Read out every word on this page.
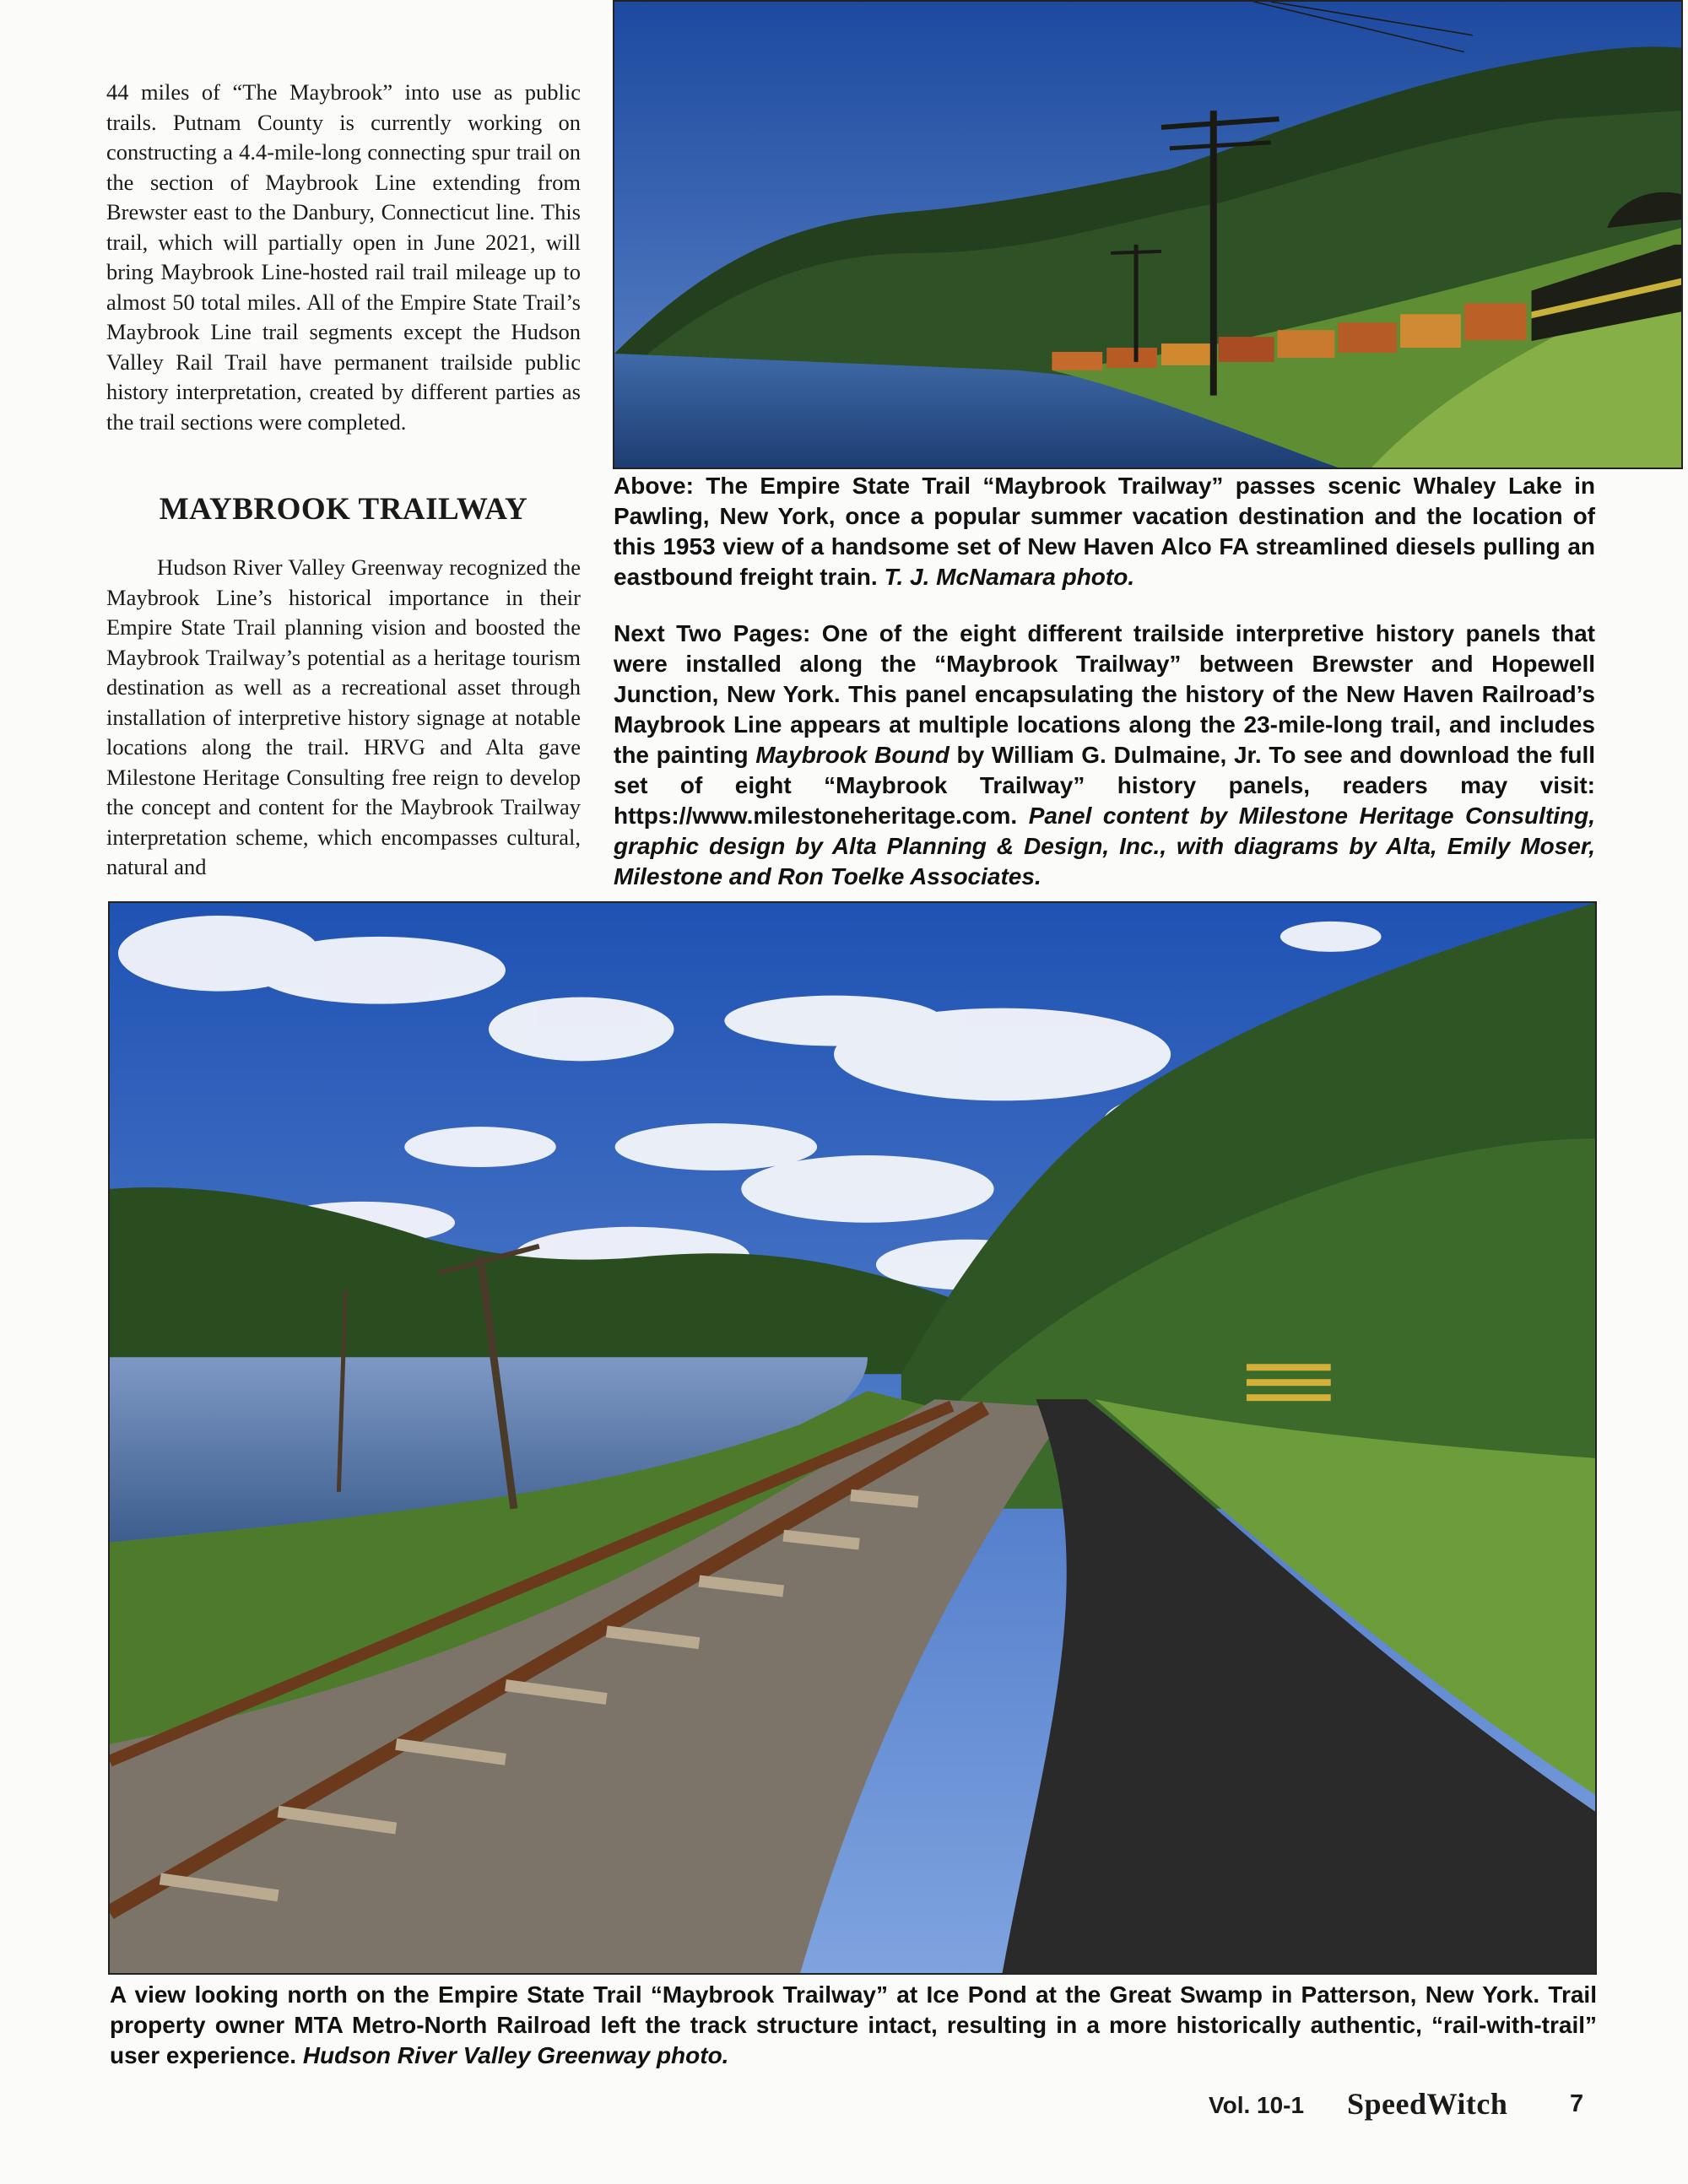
44 miles of “The Maybrook” into use as public trails. Putnam County is currently working on constructing a 4.4-mile-long connecting spur trail on the section of Maybrook Line extending from Brewster east to the Danbury, Connecticut line. This trail, which will partially open in June 2021, will bring Maybrook Line-hosted rail trail mileage up to almost 50 total miles. All of the Empire State Trail’s Maybrook Line trail segments except the Hudson Valley Rail Trail have permanent trailside public history interpretation, created by different parties as the trail sections were completed.
MAYBROOK TRAILWAY
Hudson River Valley Greenway recognized the Maybrook Line’s historical importance in their Empire State Trail planning vision and boosted the Maybrook Trailway’s potential as a heritage tourism destination as well as a recreational asset through installation of interpretive history signage at notable locations along the trail. HRVG and Alta gave Milestone Heritage Consulting free reign to develop the concept and content for the Maybrook Trailway interpretation scheme, which encompasses cultural, natural and
Above: The Empire State Trail “Maybrook Trailway” passes scenic Whaley Lake in Pawling, New York, once a popular summer vacation destination and the location of this 1953 view of a handsome set of New Haven Alco FA streamlined diesels pulling an eastbound freight train. T. J. McNamara photo.
Next Two Pages: One of the eight different trailside interpretive history panels that were installed along the “Maybrook Trailway” between Brewster and Hopewell Junction, New York. This panel encapsulating the history of the New Haven Railroad’s Maybrook Line appears at multiple locations along the 23-mile-long trail, and includes the painting Maybrook Bound by William G. Dulmaine, Jr. To see and download the full set of eight “Maybrook Trailway” history panels, readers may visit: https://www.milestoneheritage.com. Panel content by Milestone Heritage Consulting, graphic design by Alta Planning & Design, Inc., with diagrams by Alta, Emily Moser, Milestone and Ron Toelke Associates.
A view looking north on the Empire State Trail “Maybrook Trailway” at Ice Pond at the Great Swamp in Patterson, New York. Trail property owner MTA Metro-North Railroad left the track structure intact, resulting in a more historically authentic, “rail-with-trail” user experience. Hudson River Valley Greenway photo.
Vol. 10-1 SpeedWitch	7
